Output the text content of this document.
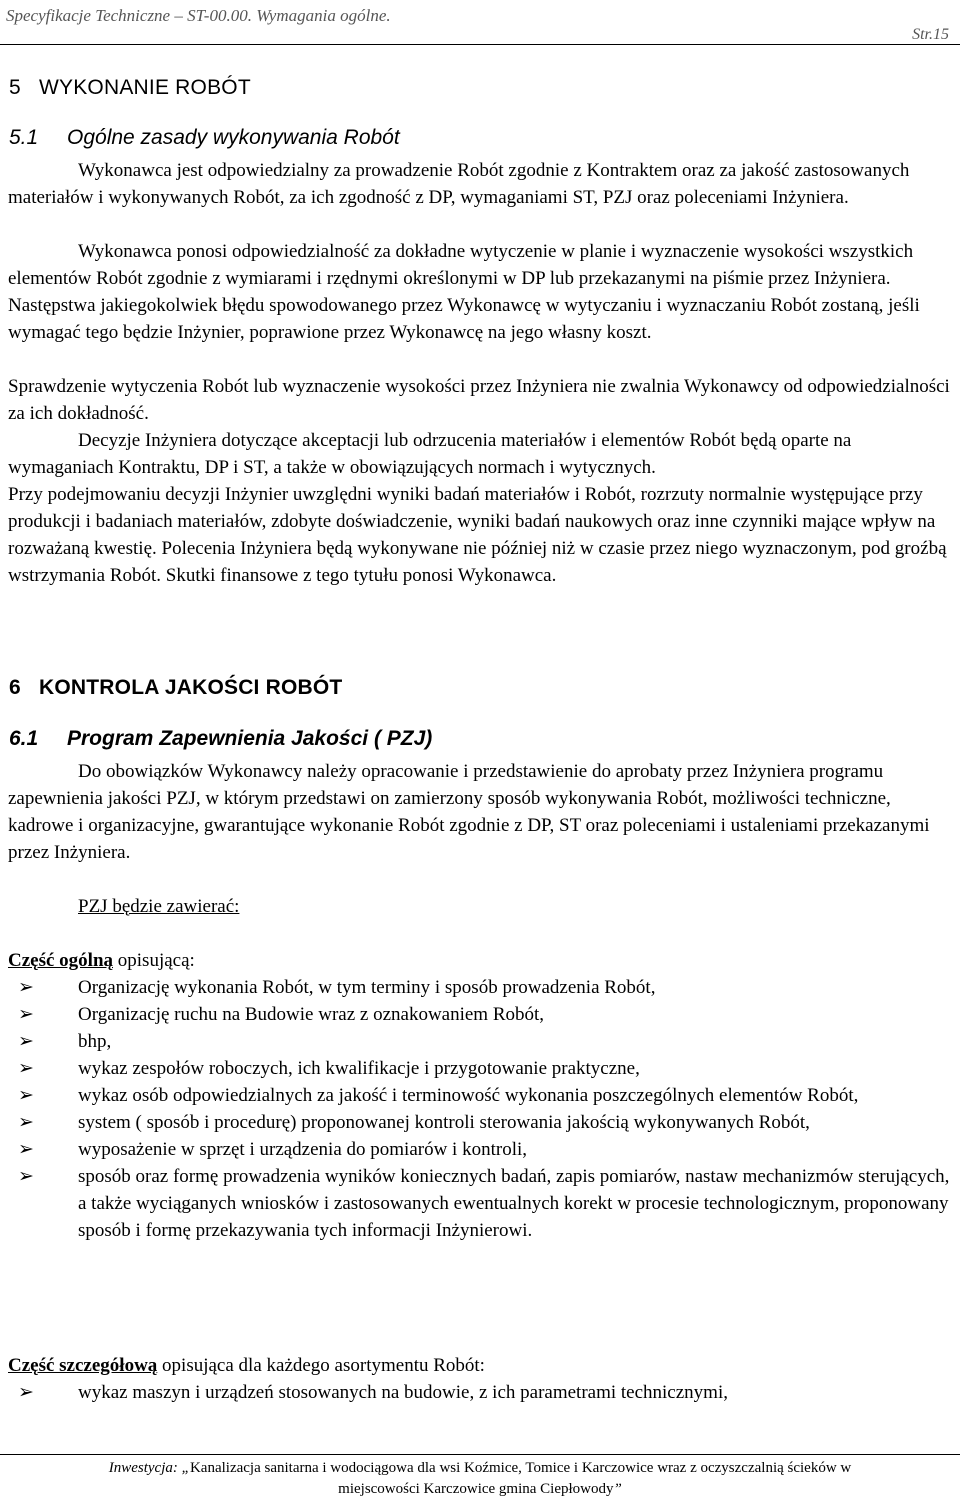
Specyfikacje Techniczne – ST-00.00. Wymagania ogólne.
Str.15
5 WYKONANIE ROBÓT
5.1 Ogólne zasady wykonywania Robót

Wykonawca jest odpowiedzialny za prowadzenie Robót zgodnie z Kontraktem oraz za jakość zastosowanych materiałów i wykonywanych Robót, za ich zgodność z DP, wymaganiami ST, PZJ oraz poleceniami Inżyniera.

Wykonawca ponosi odpowiedzialność za dokładne wytyczenie w planie i wyznaczenie wysokości wszystkich elementów Robót zgodnie z wymiarami i rzędnymi określonymi w DP lub przekazanymi na piśmie przez Inżyniera. Następstwa jakiegokolwiek błędu spowodowanego przez Wykonawcę w wytyczaniu i wyznaczaniu Robót zostaną, jeśli wymagać tego będzie Inżynier, poprawione przez Wykonawcę na jego własny koszt.

Sprawdzenie wytyczenia Robót lub wyznaczenie wysokości przez Inżyniera nie zwalnia Wykonawcy od odpowiedzialności za ich dokładność.

Decyzje Inżyniera dotyczące akceptacji lub odrzucenia materiałów i elementów Robót będą oparte na wymaganiach Kontraktu, DP i ST, a także w obowiązujących normach i wytycznych.

Przy podejmowaniu decyzji Inżynier uwzględni wyniki badań materiałów i Robót, rozrzuty normalnie występujące przy produkcji i badaniach materiałów, zdobyte doświadczenie, wyniki badań naukowych oraz inne czynniki mające wpływ na rozważaną kwestię. Polecenia Inżyniera będą wykonywane nie później niż w czasie przez niego wyznaczonym, pod groźbą wstrzymania Robót. Skutki finansowe z tego tytułu ponosi Wykonawca.

6 KONTROLA JAKOŚCI ROBÓT
6.1 Program Zapewnienia Jakości ( PZJ)

Do obowiązków Wykonawcy należy opracowanie i przedstawienie do aprobaty przez Inżyniera programu zapewnienia jakości PZJ, w którym przedstawi on zamierzony sposób wykonywania Robót, możliwości techniczne, kadrowe i organizacyjne, gwarantujące wykonanie Robót zgodnie z DP, ST oraz poleceniami i ustaleniami przekazanymi przez Inżyniera.

PZJ będzie zawierać:

Część ogólną opisującą:

➢ Organizację wykonania Robót, w tym terminy i sposób prowadzenia Robót,
➢ Organizację ruchu na Budowie wraz z oznakowaniem Robót,
➢ bhp,
➢ wykaz zespołów roboczych, ich kwalifikacje i przygotowanie praktyczne,
➢ wykaz osób odpowiedzialnych za jakość i terminowość wykonania poszczególnych elementów Robót,
➢ system ( sposób i procedurę) proponowanej kontroli sterowania jakością wykonywanych Robót,
➢ wyposażenie w sprzęt i urządzenia do pomiarów i kontroli,
➢ sposób oraz formę prowadzenia wyników koniecznych badań, zapis pomiarów, nastaw mechanizmów sterujących, a także wyciąganych wniosków i zastosowanych ewentualnych korekt w procesie technologicznym, proponowany sposób i formę przekazywania tych informacji Inżynierowi.

Część szczegółową opisująca dla każdego asortymentu Robót:

➢ wykaz maszyn i urządzeń stosowanych na budowie, z ich parametrami technicznymi,
Inwestycja: „Kanalizacja sanitarna i wodociągowa dla wsi Koźmice, Tomice i Karczowice wraz z oczyszczalnią ścieków w
miejscowości Karczowice gmina Ciepłowody”
